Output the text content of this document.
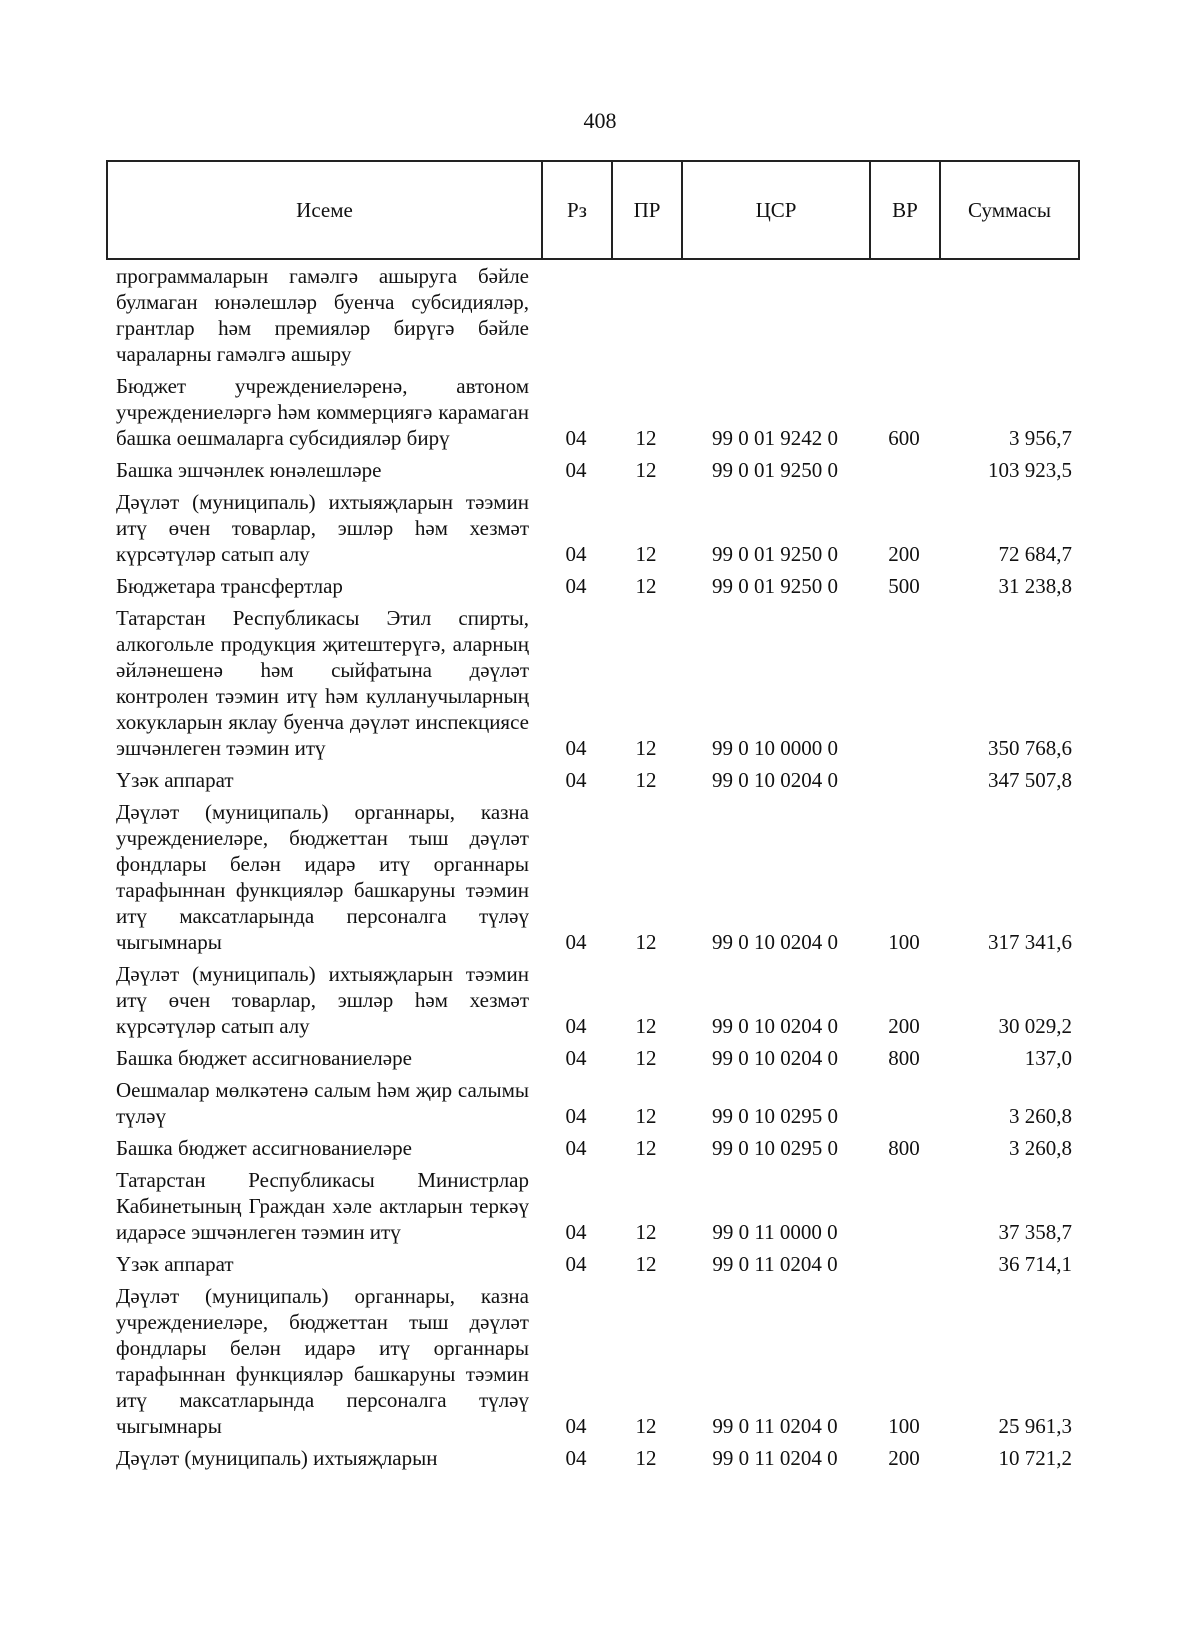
408
Исеме	Рз	ПР	ЦСР	ВР	Суммасы
программаларын гамәлгә ашыруга бәйле булмаган юнәлешләр буенча субсидияләр, грантлар һәм премияләр бирүгә бәйле чараларны гамәлгә ашыру					
Бюджет учреждениеләренә, автоном учреждениеләргә һәм коммерциягә карамаган башка оешмаларга субсидияләр бирү	04	12	99 0 01 9242 0	600	3 956,7
Башка эшчәнлек юнәлешләре	04	12	99 0 01 9250 0		103 923,5
Дәүләт (муниципаль) ихтыяҗларын тәэмин итү өчен товарлар, эшләр һәм хезмәт күрсәтүләр сатып алу	04	12	99 0 01 9250 0	200	72 684,7
Бюджетара трансфертлар	04	12	99 0 01 9250 0	500	31 238,8
Татарстан Республикасы Этил спирты, алкогольле продукция җитештерүгә, аларның әйләнешенә һәм сыйфатына дәүләт контролен тәэмин итү һәм кулланучыларның хокукларын яклау буенча дәүләт инспекциясе эшчәнлеген тәэмин итү	04	12	99 0 10 0000 0		350 768,6
Үзәк аппарат	04	12	99 0 10 0204 0		347 507,8
Дәүләт (муниципаль) органнары, казна учреждениеләре, бюджеттан тыш дәүләт фондлары белән идарә итү органнары тарафыннан функцияләр башкаруны тәэмин итү максатларында персоналга түләү чыгымнары	04	12	99 0 10 0204 0	100	317 341,6
Дәүләт (муниципаль) ихтыяҗларын тәэмин итү өчен товарлар, эшләр һәм хезмәт күрсәтүләр сатып алу	04	12	99 0 10 0204 0	200	30 029,2
Башка бюджет ассигнованиеләре	04	12	99 0 10 0204 0	800	137,0
Оешмалар мөлкәтенә салым һәм җир салымы түләү	04	12	99 0 10 0295 0		3 260,8
Башка бюджет ассигнованиеләре	04	12	99 0 10 0295 0	800	3 260,8
Татарстан Республикасы Министрлар Кабинетының Граждан хәле актларын теркәү идарәсе эшчәнлеген тәэмин итү	04	12	99 0 11 0000 0		37 358,7
Үзәк аппарат	04	12	99 0 11 0204 0		36 714,1
Дәүләт (муниципаль) органнары, казна учреждениеләре, бюджеттан тыш дәүләт фондлары белән идарә итү органнары тарафыннан функцияләр башкаруны тәэмин итү максатларында персоналга түләү чыгымнары	04	12	99 0 11 0204 0	100	25 961,3
Дәүләт (муниципаль) ихтыяҗларын	04	12	99 0 11 0204 0	200	10 721,2
